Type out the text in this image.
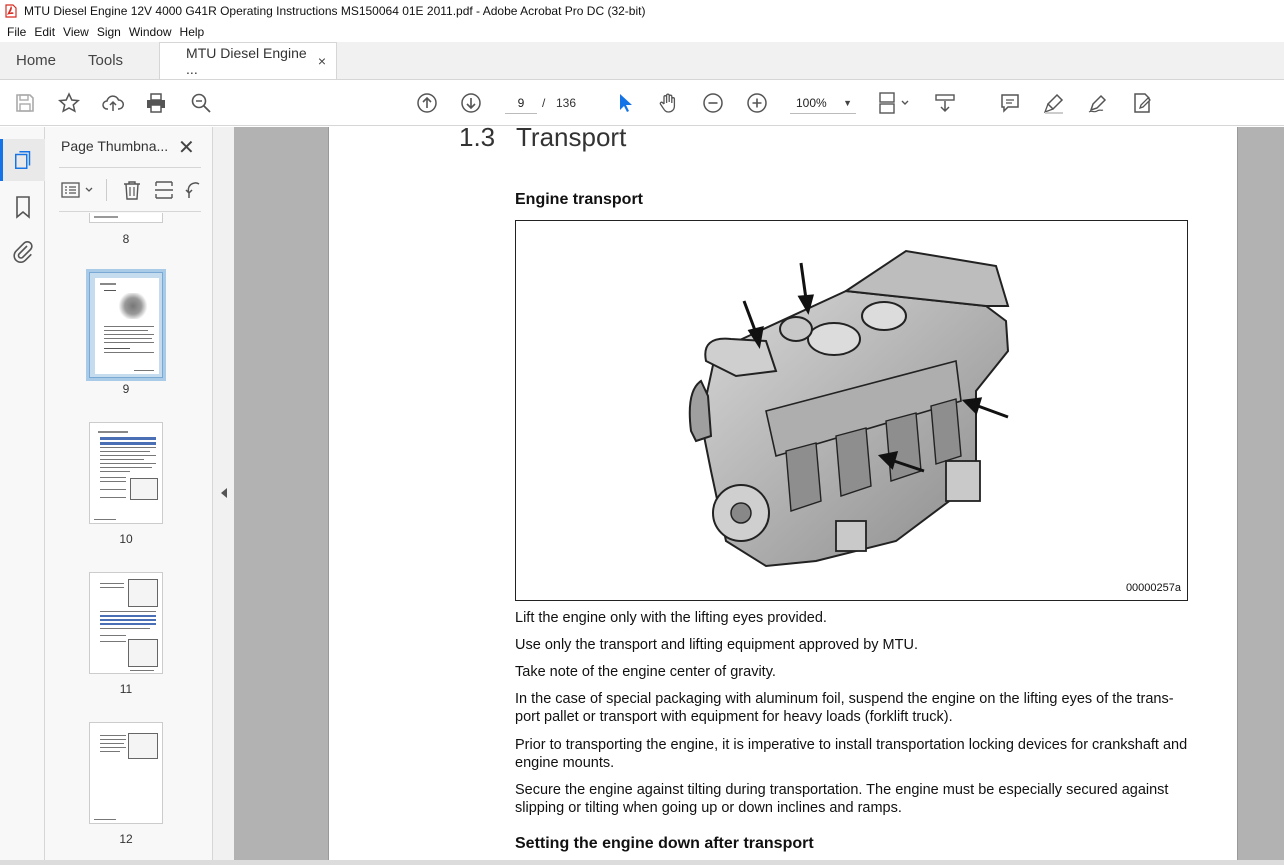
MTU Diesel Engine 12V 4000 G41R Operating Instructions MS150064 01E 2011.pdf - Adobe Acrobat Pro DC (32-bit)
File Edit View Sign Window Help
Home	Tools	MTU Diesel Engine ...	×
9	/ 136	100% ▼
Page Thumbna... ✕
8
9
10
11
12
1.3 Transport
Engine transport
00000257a
Lift the engine only with the lifting eyes provided.
Use only the transport and lifting equipment approved by MTU.
Take note of the engine center of gravity.
In the case of special packaging with aluminum foil, suspend the engine on the lifting eyes of the trans-port pallet or transport with equipment for heavy loads (forklift truck).
Prior to transporting the engine, it is imperative to install transportation locking devices for crankshaft and engine mounts.
Secure the engine against tilting during transportation. The engine must be especially secured against slipping or tilting when going up or down inclines and ramps.
Setting the engine down after transport
